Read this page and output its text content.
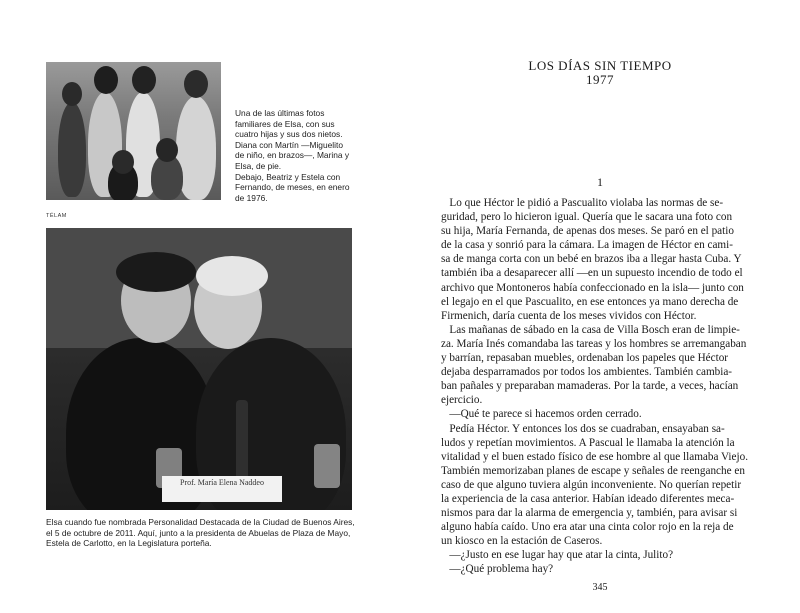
Una de las últimas fotos
familiares de Elsa, con sus
cuatro hijas y sus dos nietos.
Diana con Martín —Miguelito
de niño, en brazos—, Marina y
Elsa, de pie.
Debajo, Beatriz y Estela con
Fernando, de meses, en enero
de 1976.
TÉLAM
Prof. María Elena Naddeo
Elsa cuando fue nombrada Personalidad Destacada de la Ciudad de Buenos Aires,
el 5 de octubre de 2011. Aquí, junto a la presidenta de Abuelas de Plaza de Mayo,
Estela de Carlotto, en la Legislatura porteña.
LOS DÍAS SIN TIEMPO
1977
1
Lo que Héctor le pidió a Pascualito violaba las normas de se-
guridad, pero lo hicieron igual. Quería que le sacara una foto con
su hija, María Fernanda, de apenas dos meses. Se paró en el patio
de la casa y sonrió para la cámara. La imagen de Héctor en cami-
sa de manga corta con un bebé en brazos iba a llegar hasta Cuba. Y
también iba a desaparecer allí —en un supuesto incendio de todo el
archivo que Montoneros había confeccionado en la isla— junto con
el legajo en el que Pascualito, en ese entonces ya mano derecha de
Firmenich, daría cuenta de los meses vividos con Héctor.
Las mañanas de sábado en la casa de Villa Bosch eran de limpie-
za. María Inés comandaba las tareas y los hombres se arremangaban
y barrían, repasaban muebles, ordenaban los papeles que Héctor
dejaba desparramados por todos los ambientes. También cambia-
ban pañales y preparaban mamaderas. Por la tarde, a veces, hacían
ejercicio.
—Qué te parece si hacemos orden cerrado.
Pedía Héctor. Y entonces los dos se cuadraban, ensayaban sa-
ludos y repetían movimientos. A Pascual le llamaba la atención la
vitalidad y el buen estado físico de ese hombre al que llamaba Viejo.
También memorizaban planes de escape y señales de reenganche en
caso de que alguno tuviera algún inconveniente. No querían repetir
la experiencia de la casa anterior. Habían ideado diferentes meca-
nismos para dar la alarma de emergencia y, también, para avisar si
alguno había caído. Uno era atar una cinta color rojo en la reja de
un kiosco en la estación de Caseros.
—¿Justo en ese lugar hay que atar la cinta, Julito?
—¿Qué problema hay?
345
